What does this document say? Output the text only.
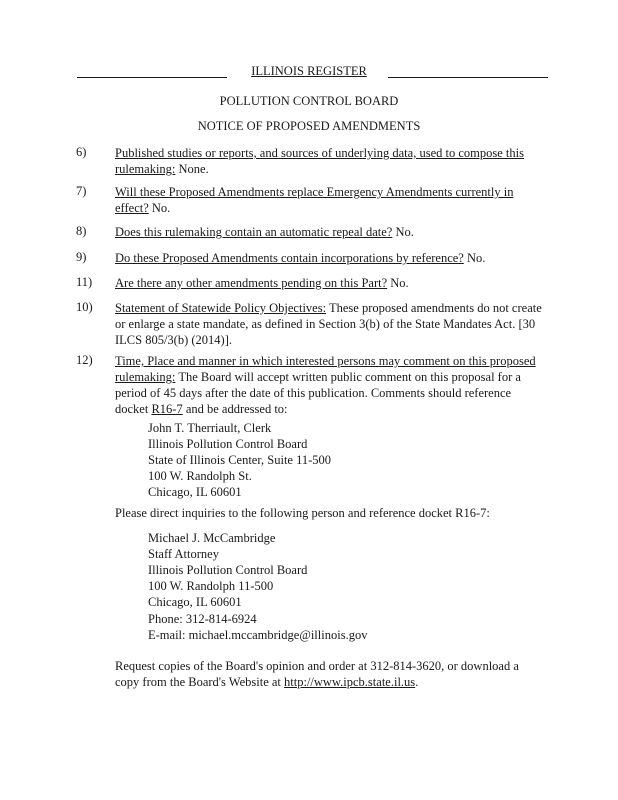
ILLINOIS REGISTER
POLLUTION CONTROL BOARD
NOTICE OF PROPOSED AMENDMENTS
6) Published studies or reports, and sources of underlying data, used to compose this rulemaking: None.
7) Will these Proposed Amendments replace Emergency Amendments currently in effect? No.
8) Does this rulemaking contain an automatic repeal date? No.
9) Do these Proposed Amendments contain incorporations by reference? No.
11) Are there any other amendments pending on this Part? No.
10) Statement of Statewide Policy Objectives: These proposed amendments do not create or enlarge a state mandate, as defined in Section 3(b) of the State Mandates Act. [30 ILCS 805/3(b) (2014)].
12) Time, Place and manner in which interested persons may comment on this proposed rulemaking: The Board will accept written public comment on this proposal for a period of 45 days after the date of this publication. Comments should reference docket R16-7 and be addressed to:
John T. Therriault, Clerk
Illinois Pollution Control Board
State of Illinois Center, Suite 11-500
100 W. Randolph St.
Chicago, IL 60601
Please direct inquiries to the following person and reference docket R16-7:
Michael J. McCambridge
Staff Attorney
Illinois Pollution Control Board
100 W. Randolph 11-500
Chicago, IL 60601
Phone: 312-814-6924
E-mail: michael.mccambridge@illinois.gov
Request copies of the Board's opinion and order at 312-814-3620, or download a copy from the Board's Website at http://www.ipcb.state.il.us.
